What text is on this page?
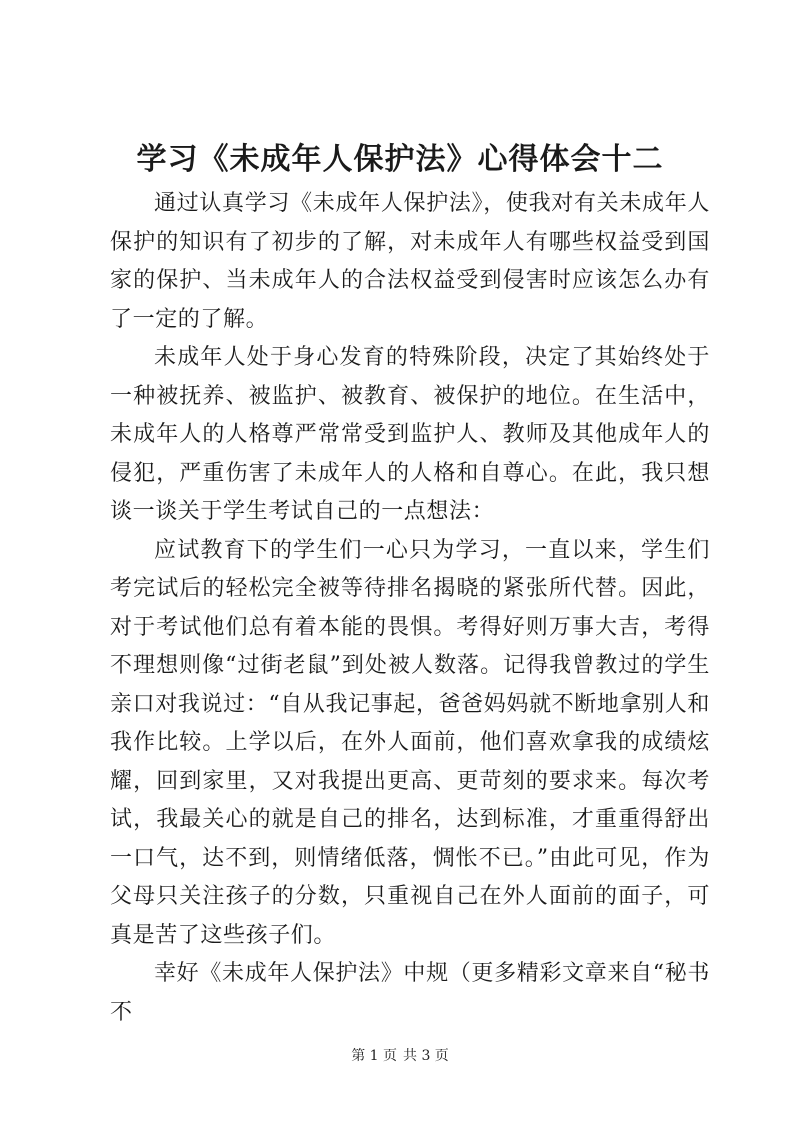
学习《未成年人保护法》心得体会十二

通过认真学习《未成年人保护法》，使我对有关未成年人保护的知识有了初步的了解，对未成年人有哪些权益受到国家的保护、当未成年人的合法权益受到侵害时应该怎么办有了一定的了解。

未成年人处于身心发育的特殊阶段，决定了其始终处于一种被抚养、被监护、被教育、被保护的地位。在生活中，未成年人的人格尊严常常受到监护人、教师及其他成年人的侵犯，严重伤害了未成年人的人格和自尊心。在此，我只想谈一谈关于学生考试自己的一点想法：

应试教育下的学生们一心只为学习，一直以来，学生们考完试后的轻松完全被等待排名揭晓的紧张所代替。因此，对于考试他们总有着本能的畏惧。考得好则万事大吉，考得不理想则像“过街老鼠”到处被人数落。记得我曾教过的学生亲口对我说过：“自从我记事起，爸爸妈妈就不断地拿别人和我作比较。上学以后，在外人面前，他们喜欢拿我的成绩炫耀，回到家里，又对我提出更高、更苛刻的要求来。每次考试，我最关心的就是自己的排名，达到标准，才重重得舒出一口气，达不到，则情绪低落，惆怅不已。”由此可见，作为父母只关注孩子的分数，只重视自己在外人面前的面子，可真是苦了这些孩子们。

幸好《未成年人保护法》中规（更多精彩文章来自“秘书不

第 1 页 共 3 页
